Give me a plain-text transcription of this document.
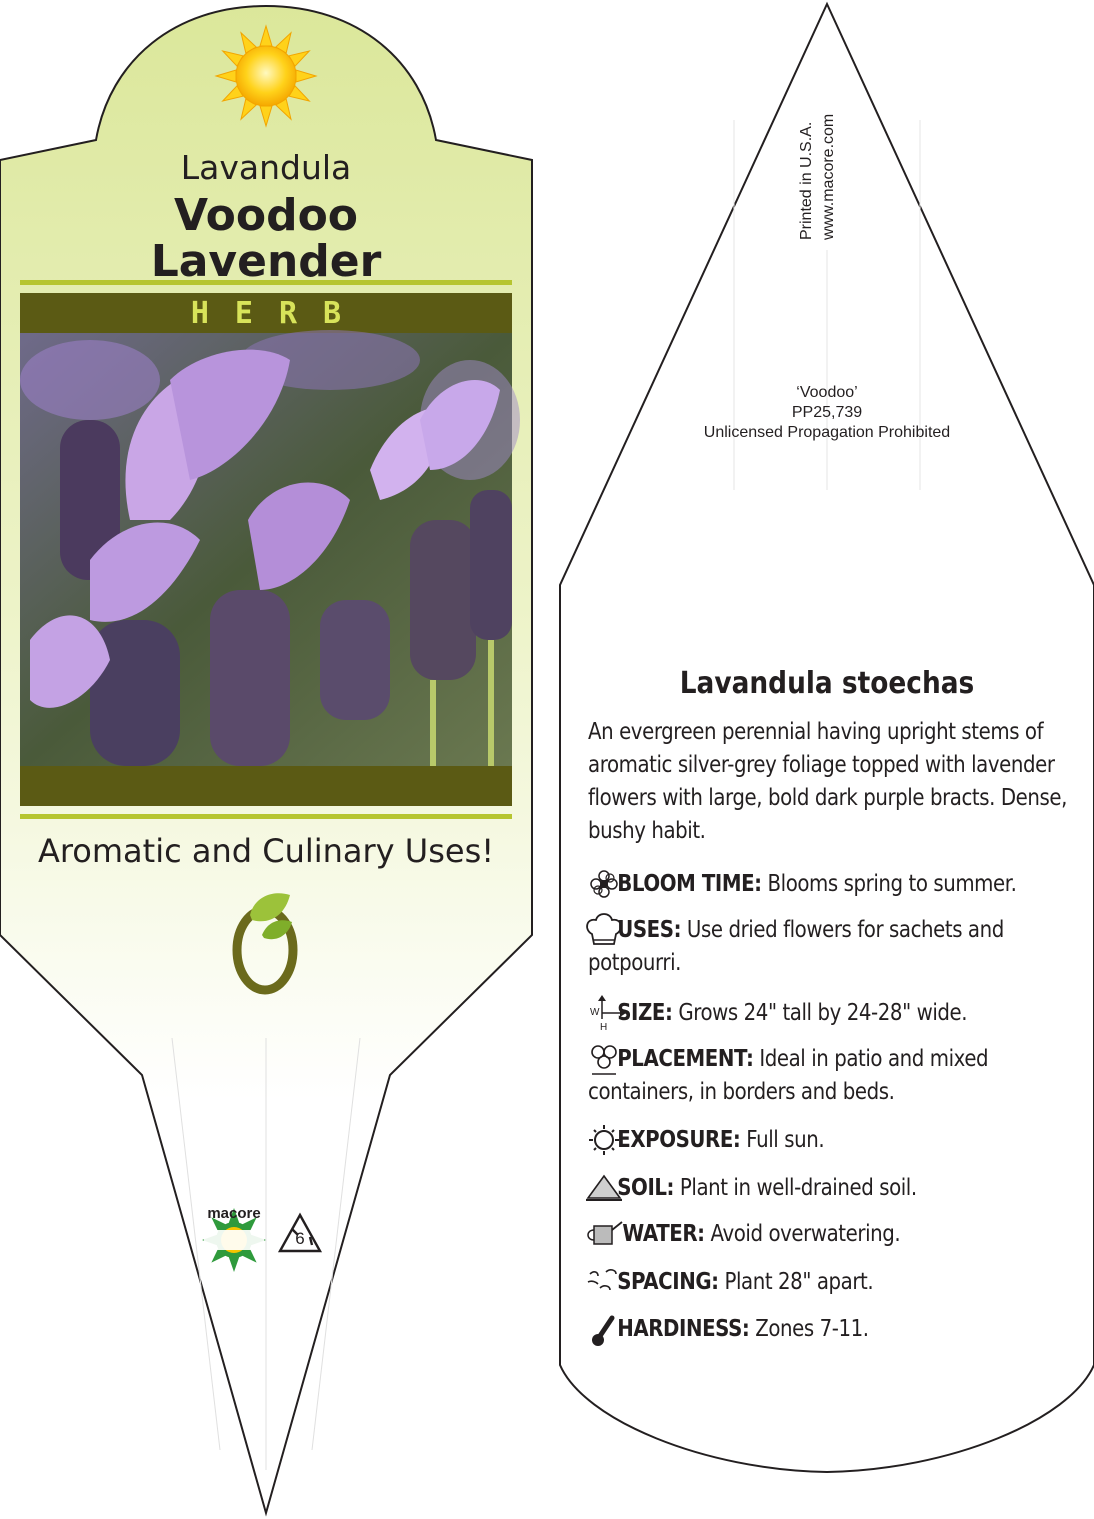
W
H
Lavandula
Voodoo
Lavender
HERB
Aromatic and Culinary Uses!
macore
6
Printed in U.S.A. www.macore.com
‘Voodoo’
PP25,739
Unlicensed Propagation Prohibited
Lavandula stoechas
An evergreen perennial having upright stems of aromatic silver-grey foliage topped with lavender flowers with large, bold dark purple bracts. Dense, bushy habit.
BLOOM TIME: Blooms spring to summer.
USES: Use dried flowers for sachets and potpourri.
SIZE: Grows 24" tall by 24-28" wide.
PLACEMENT: Ideal in patio and mixed containers, in borders and beds.
EXPOSURE: Full sun.
SOIL: Plant in well-drained soil.
WATER: Avoid overwatering.
SPACING: Plant 28" apart.
HARDINESS: Zones 7-11.
